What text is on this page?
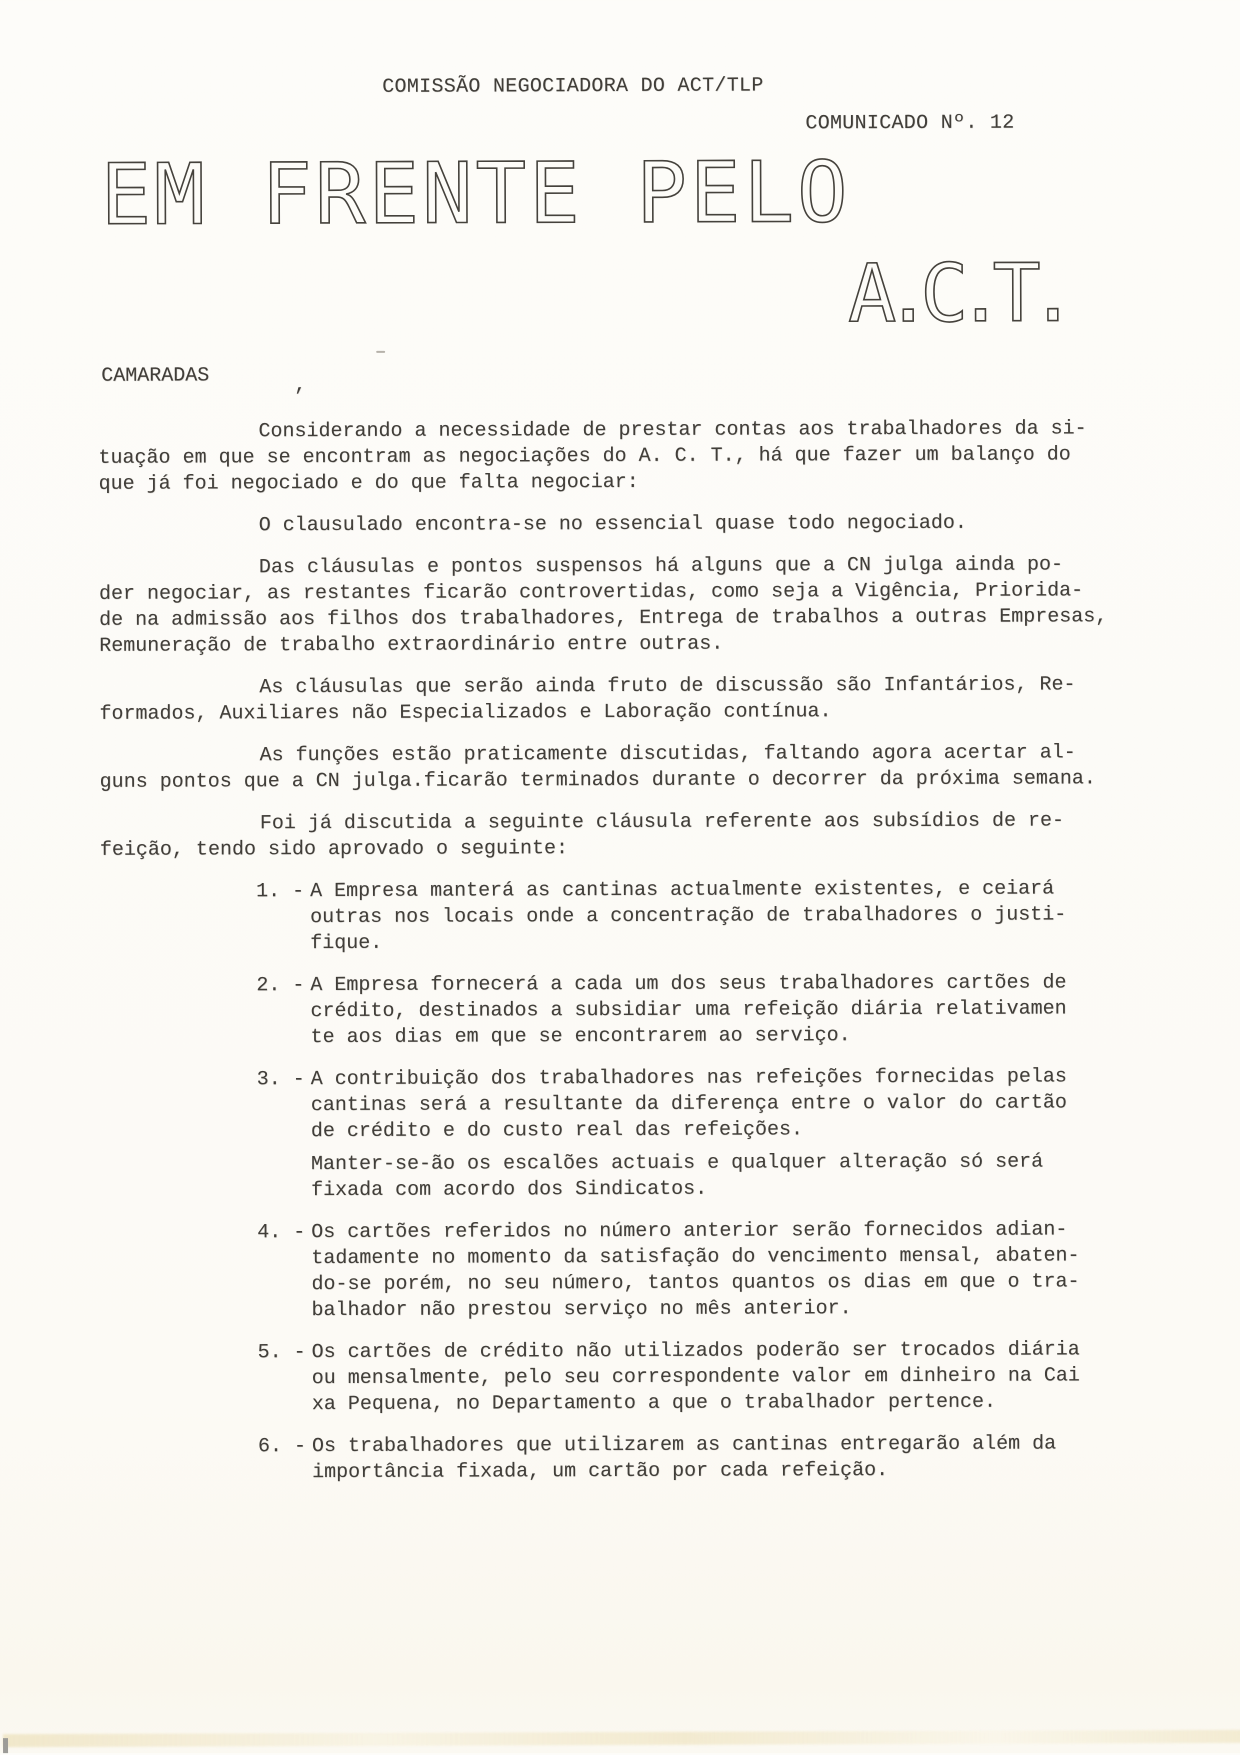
COMISSÃO NEGOCIADORA DO ACT/TLP
COMUNICADO Nº. 12
EM FRENTE PELO
A.C.T.
CAMARADAS	,
Considerando a necessidade de prestar contas aos trabalhadores da si-
tuação em que se encontram as negociações do A. C. T., há que fazer um balanço do
que já foi negociado e do que falta negociar:
O clausulado encontra-se no essencial quase todo negociado.
Das cláusulas e pontos suspensos há alguns que a CN julga ainda po-
der negociar, as restantes ficarão controvertidas, como seja a Vigência, Priorida-
de na admissão aos filhos dos trabalhadores, Entrega de trabalhos a outras Empresas,
Remuneração de trabalho extraordinário entre outras.
As cláusulas que serão ainda fruto de discussão são Infantários, Re-
formados, Auxiliares não Especializados e Laboração contínua.
As funções estão praticamente discutidas, faltando agora acertar al-
guns pontos que a CN julga.ficarão terminados durante o decorrer da próxima semana.
Foi já discutida a seguinte cláusula referente aos subsídios de re-
feição, tendo sido aprovado o seguinte:
1. - A Empresa manterá as cantinas actualmente existentes, e ceiará
outras nos locais onde a concentração de trabalhadores o justi-
fique.
2. - A Empresa fornecerá a cada um dos seus trabalhadores cartões de
crédito, destinados a subsidiar uma refeição diária relativamen
te aos dias em que se encontrarem ao serviço.
3. - A contribuição dos trabalhadores nas refeições fornecidas pelas
cantinas será a resultante da diferença entre o valor do cartão
de crédito e do custo real das refeições.
Manter-se-ão os escalões actuais e qualquer alteração só será
fixada com acordo dos Sindicatos.
4. - Os cartões referidos no número anterior serão fornecidos adian-
tadamente no momento da satisfação do vencimento mensal, abaten-
do-se porém, no seu número, tantos quantos os dias em que o tra-
balhador não prestou serviço no mês anterior.
5. - Os cartões de crédito não utilizados poderão ser trocados diária
ou mensalmente, pelo seu correspondente valor em dinheiro na Cai
xa Pequena, no Departamento a que o trabalhador pertence.
6. - Os trabalhadores que utilizarem as cantinas entregarão além da
importância fixada, um cartão por cada refeição.
